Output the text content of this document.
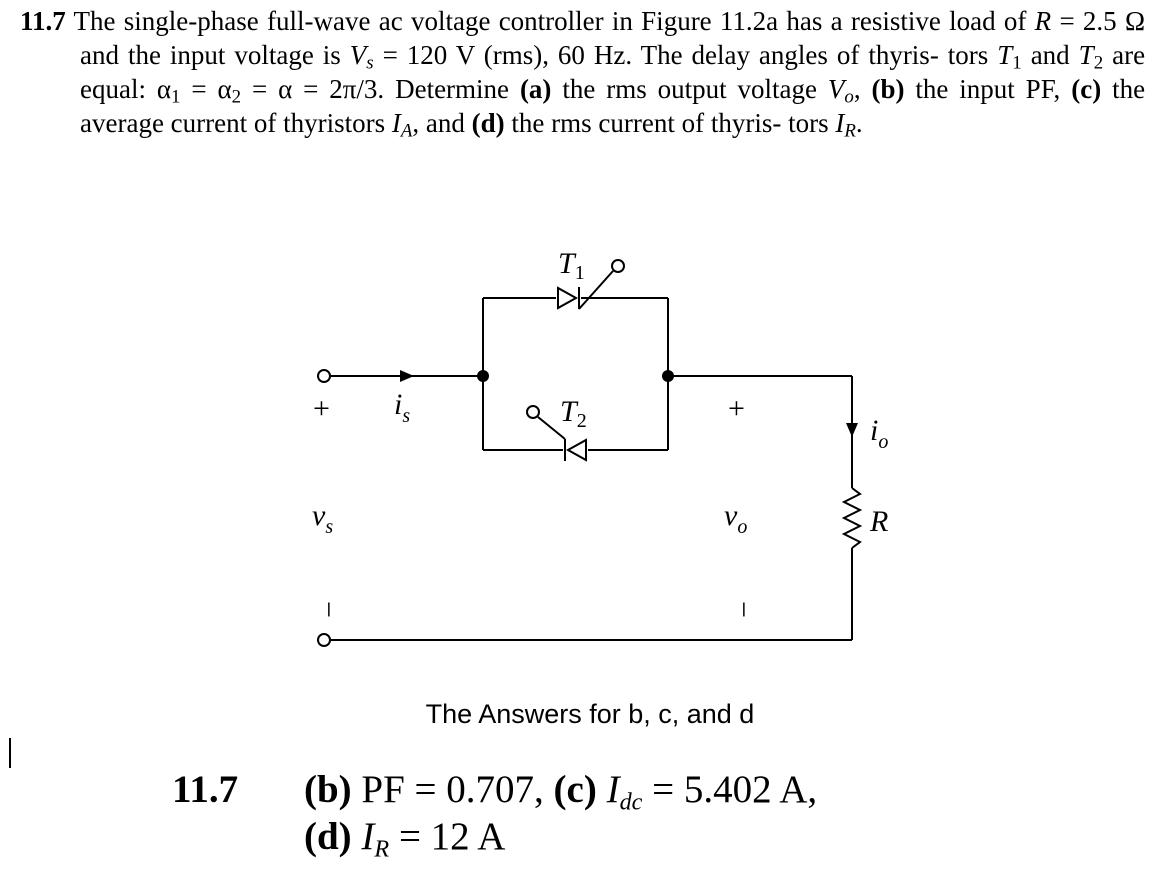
11.7 The single-phase full-wave ac voltage controller in Figure 11.2a has a resistive load of R = 2.5 Ω and the input voltage is $V_s = 120$ V (rms), 60 Hz. The delay angles of thyris- tors $T_1$ and $T_2$ are equal: $\alpha_1 = \alpha_2 = \alpha = 2\pi/3$. Determine (a) the rms output voltage $V_o$, (b) the input PF, (c) the average current of thyristors $I_A$, and (d) the rms current of thyris- tors $I_R$.

$T_1$
$T_2$
$i_s$	$i_o$
$v_s$	$v_o$	R
+	+
−	−
The Answers for b, c, and d
11.7 (b) PF = 0.707, (c) $I_{dc} = 5.402$ A,
(d) $I_R = 12$ A
